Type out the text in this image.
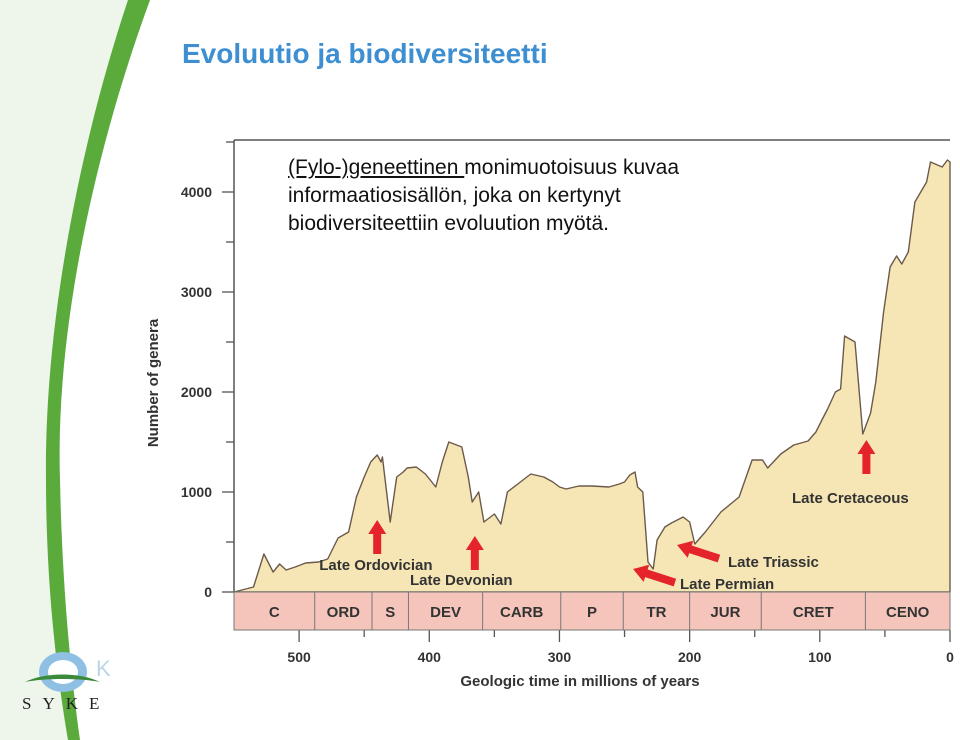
Evoluutio ja biodiversiteetti
0
1000
2000
3000
4000
500	400	300	200	100	0
C	ORD S DEV	CARB	P	TR	JUR	CRET	CENO
Late Ordovician
Late Devonian	Late Permian
Late Triassic
Late Cretaceous
Number of genera
Geologic time in millions of years
(Fylo-)geneettinen monimuotoisuus kuvaa
informaatiosisällön, joka on kertynyt
biodiversiteettiin evoluution myötä.
K
SYKE
